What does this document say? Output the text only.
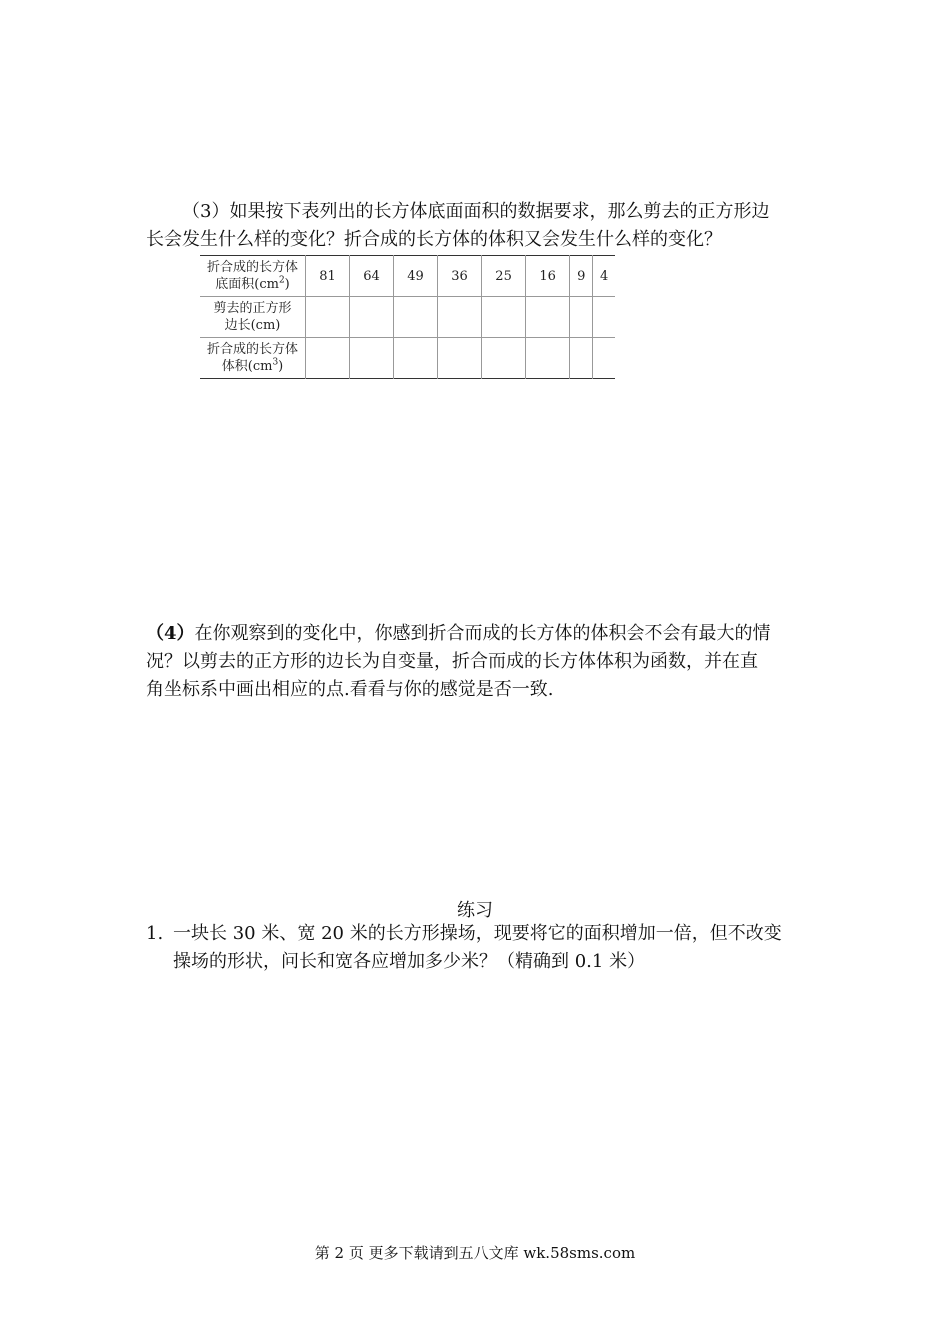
（3）如果按下表列出的长方体底面面积的数据要求，那么剪去的正方形边
长会发生什么样的变化？折合成的长方体的体积又会发生什么样的变化？

折合成的长方体
底面积$(cm^2)$	81	64	49	36	25	16	9	4

剪去的正方形
边长(cm)								

折合成的长方体
体积$(cm^3)$								

（4）在你观察到的变化中，你感到折合而成的长方体的体积会不会有最大的情
况？以剪去的正方形的边长为自变量，折合而成的长方体体积为函数，并在直
角坐标系中画出相应的点.看看与你的感觉是否一致.

练习
1. 一块长 30 米、宽 20 米的长方形操场，现要将它的面积增加一倍，但不改变
操场的形状，问长和宽各应增加多少米？（精确到 0.1 米）
第 2 页 更多下载请到五八文库 wk.58sms.com
